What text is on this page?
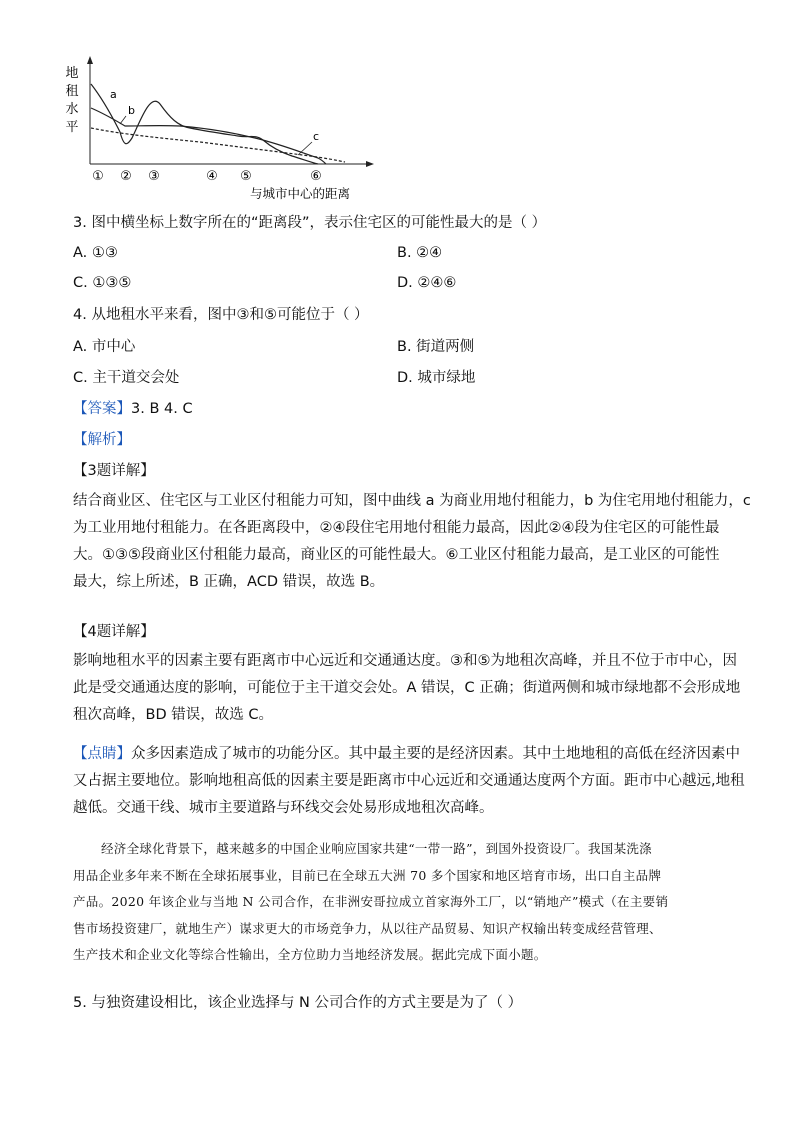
地
租
水
平
a
b
c
① ② ③	④ ⑤	⑥
与城市中心的距离
3. 图中横坐标上数字所在的“距离段”，表示住宅区的可能性最大的是（ ）
A. ①③	B. ②④
C. ①③⑤	D. ②④⑥
4. 从地租水平来看，图中③和⑤可能位于（ ）
A. 市中心	B. 街道两侧
C. 主干道交会处	D. 城市绿地
【答案】3. B 4. C
【解析】
【3题详解】
结合商业区、住宅区与工业区付租能力可知，图中曲线 a 为商业用地付租能力，b 为住宅用地付租能力，c
为工业用地付租能力。在各距离段中，②④段住宅用地付租能力最高，因此②④段为住宅区的可能性最
大。①③⑤段商业区付租能力最高，商业区的可能性最大。⑥工业区付租能力最高，是工业区的可能性
最大，综上所述，B 正确，ACD 错误，故选 B。
【4题详解】
影响地租水平的因素主要有距离市中心远近和交通通达度。③和⑤为地租次高峰，并且不位于市中心，因
此是受交通通达度的影响，可能位于主干道交会处。A 错误，C 正确；街道两侧和城市绿地都不会形成地
租次高峰，BD 错误，故选 C。
【点睛】众多因素造成了城市的功能分区。其中最主要的是经济因素。其中土地地租的高低在经济因素中
又占据主要地位。影响地租高低的因素主要是距离市中心远近和交通通达度两个方面。距市中心越远,地租
越低。交通干线、城市主要道路与环线交会处易形成地租次高峰。
经济全球化背景下，越来越多的中国企业响应国家共建“一带一路”，到国外投资设厂。我国某洗涤
用品企业多年来不断在全球拓展事业，目前已在全球五大洲 70 多个国家和地区培育市场，出口自主品牌
产品。2020 年该企业与当地 N 公司合作，在非洲安哥拉成立首家海外工厂，以“销地产”模式（在主要销
售市场投资建厂，就地生产）谋求更大的市场竞争力，从以往产品贸易、知识产权输出转变成经营管理、
生产技术和企业文化等综合性输出，全方位助力当地经济发展。据此完成下面小题。
5. 与独资建设相比，该企业选择与 N 公司合作的方式主要是为了（ ）
